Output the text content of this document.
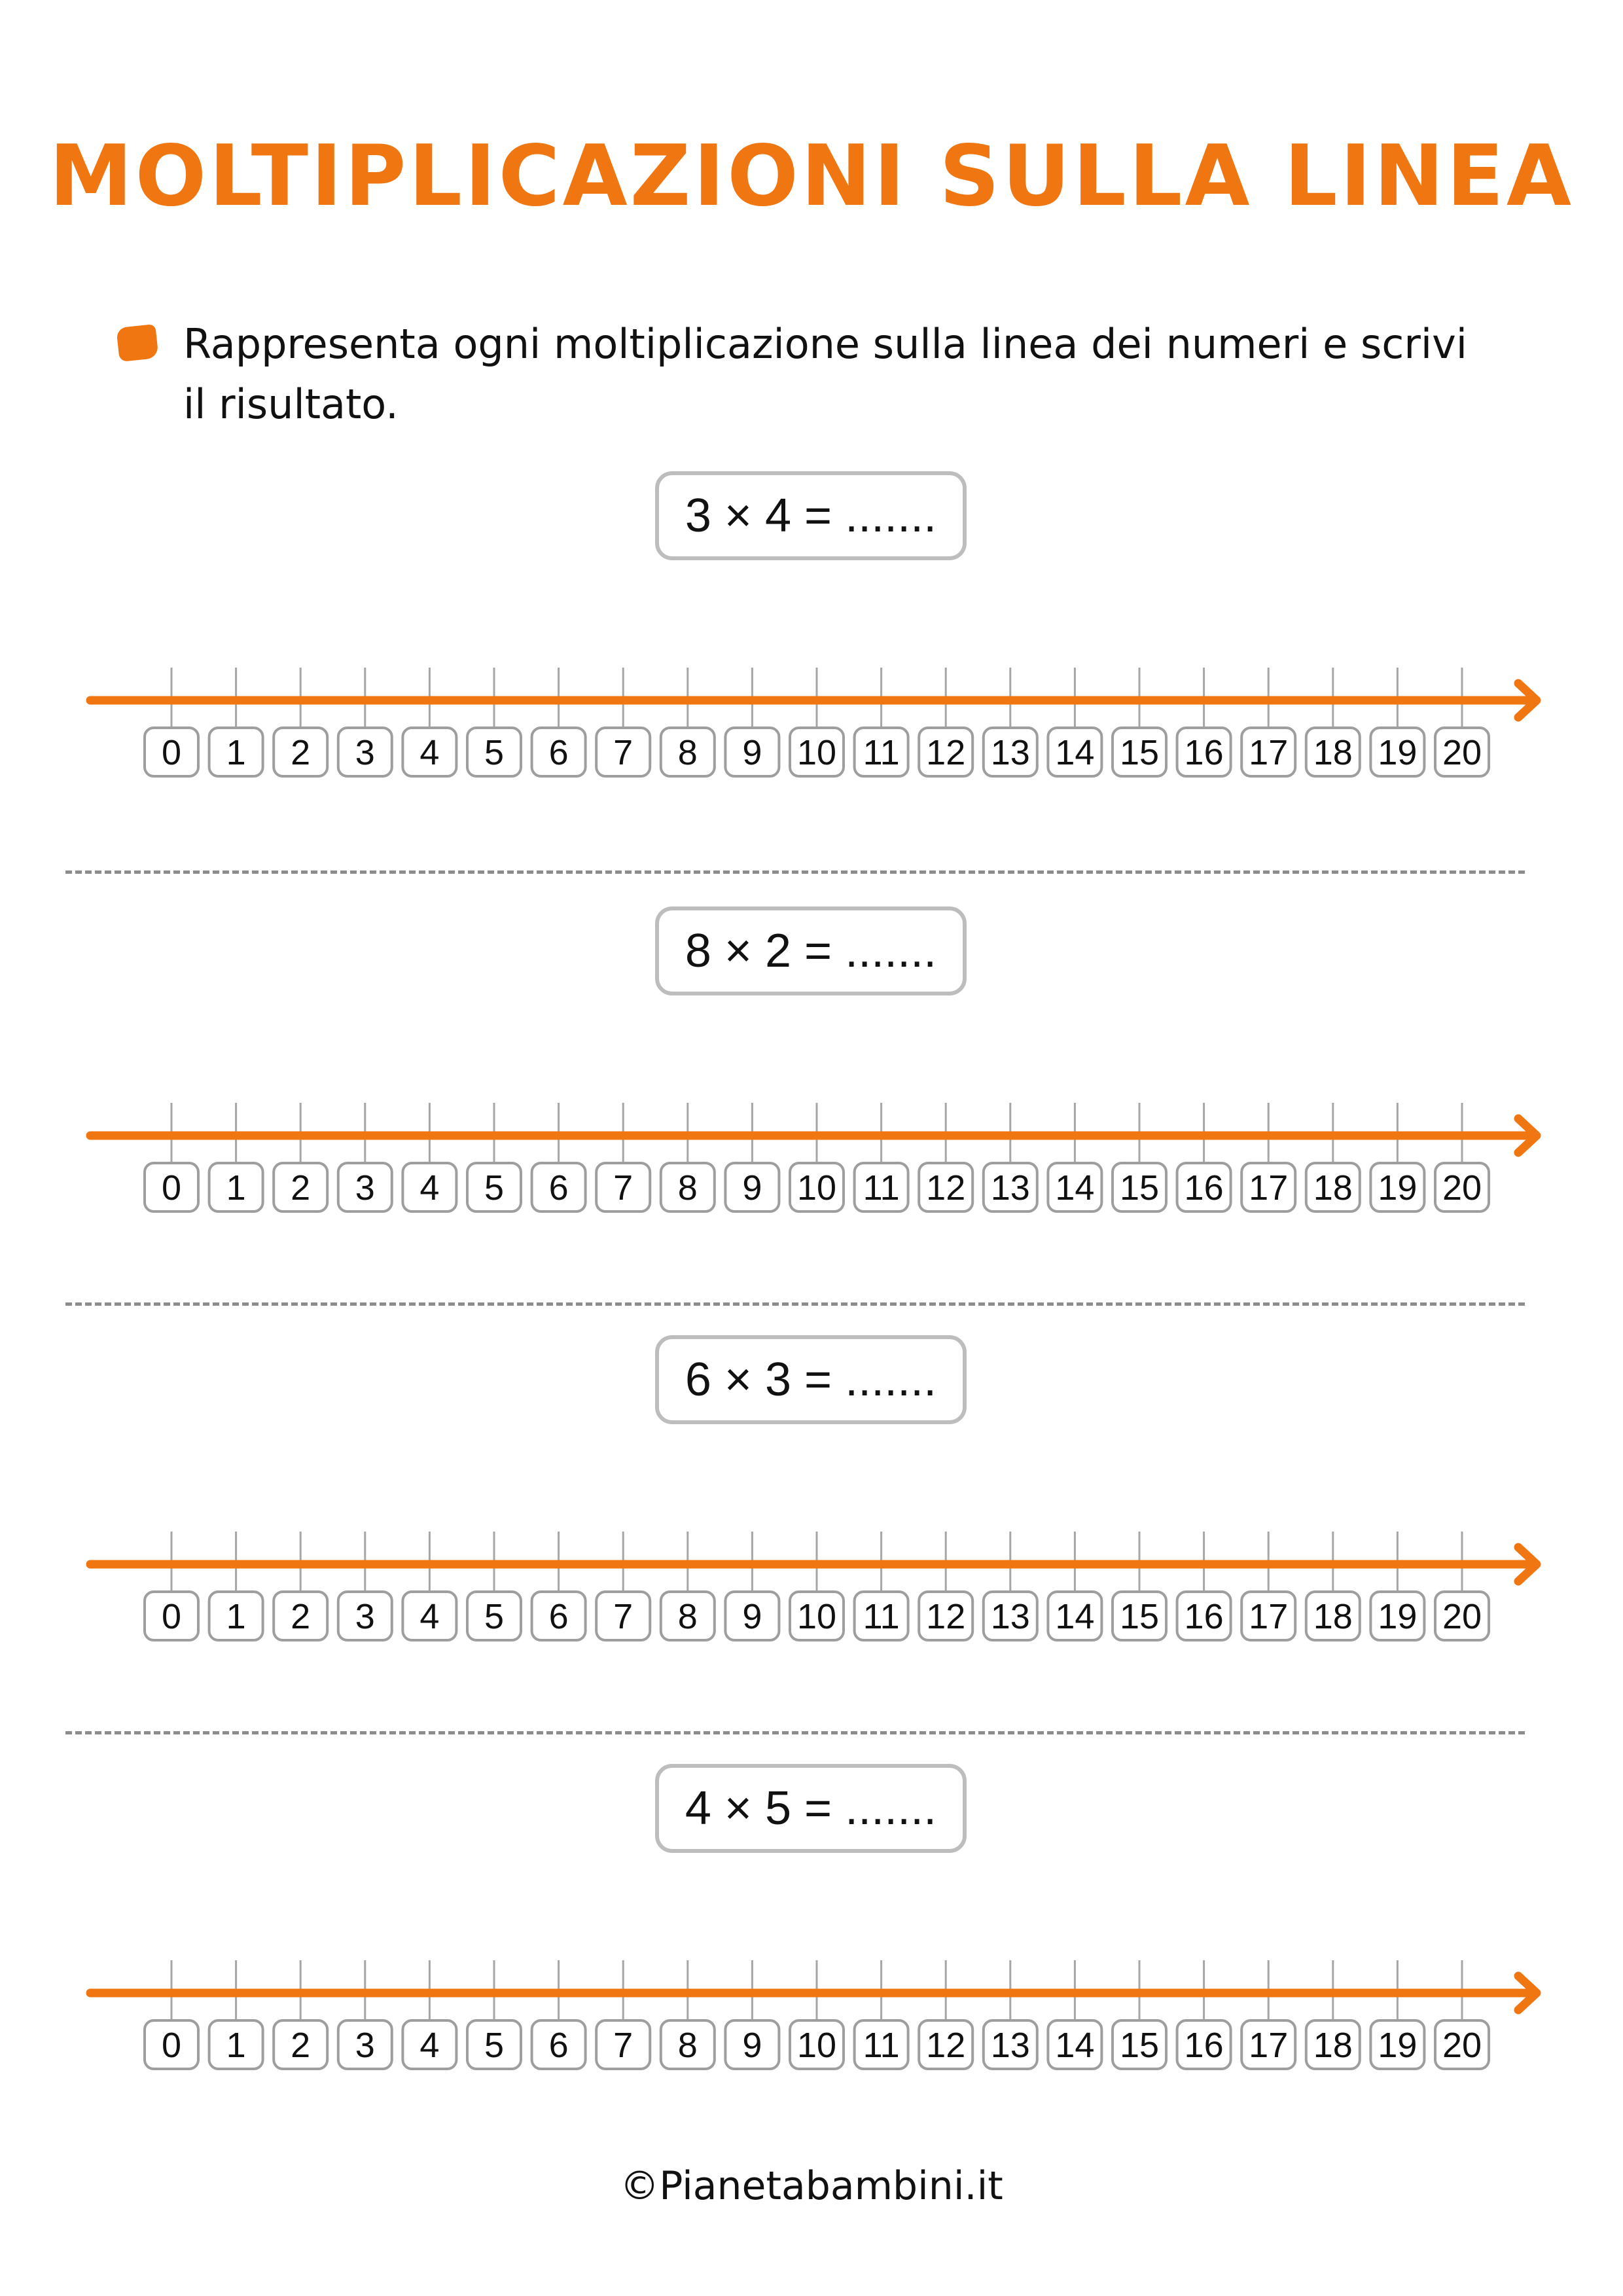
MOLTIPLICAZIONI SULLA LINEA
Rappresenta ogni moltiplicazione sulla linea dei numeri e scrivi il risultato.
3 × 4 = .......
0 1 2 3 4 5 6 7 8 9 10 11 12 13 14 15 16 17 18 19 20
8 × 2 = .......
0 1 2 3 4 5 6 7 8 9 10 11 12 13 14 15 16 17 18 19 20
6 × 3 = .......
0 1 2 3 4 5 6 7 8 9 10 11 12 13 14 15 16 17 18 19 20
4 × 5 = .......
0 1 2 3 4 5 6 7 8 9 10 11 12 13 14 15 16 17 18 19 20
©Pianetabambini.it
